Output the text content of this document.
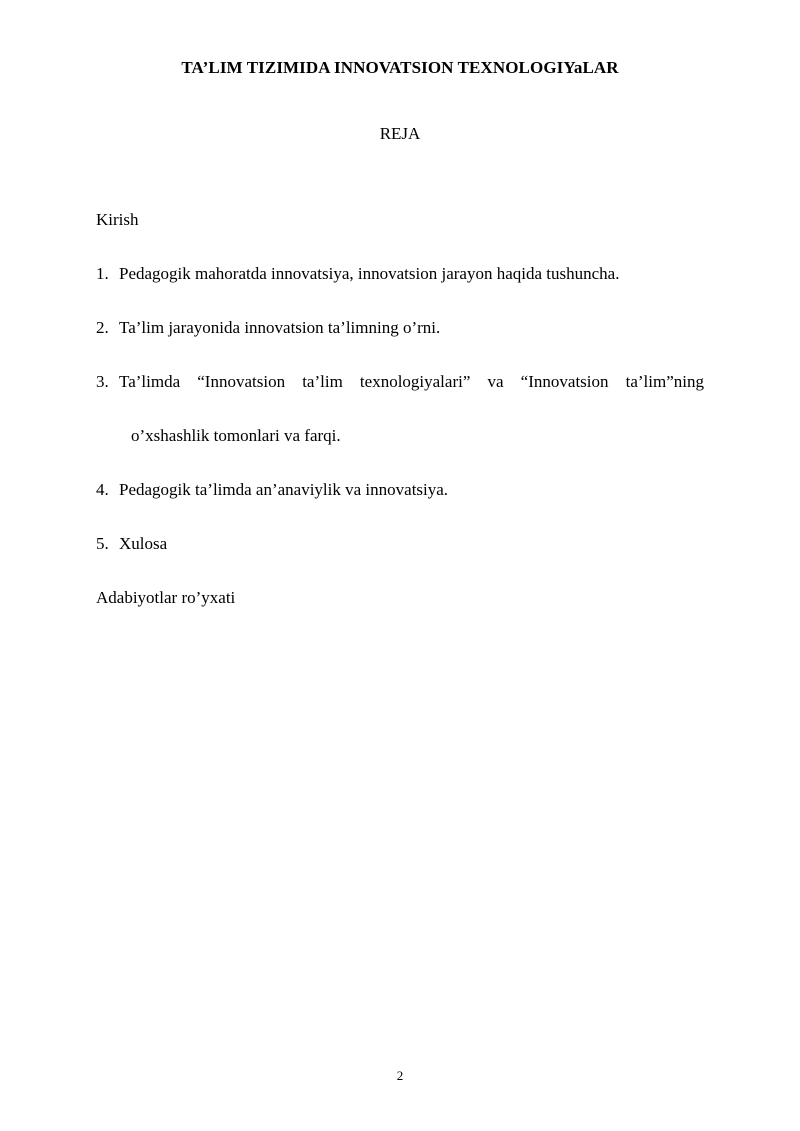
TA’LIM TIZIMIDA INNOVATSION TEXNOLOGIYaLAR
REJA
Kirish
1. Pedagogik mahoratda innovatsiya, innovatsion jarayon haqida tushuncha.
2. Ta’lim jarayonida innovatsion ta’limning o’rni.
3. Ta’limda “Innovatsion ta’lim texnologiyalari” va “Innovatsion ta’lim”ning
o’xshashlik tomonlari va farqi.
4. Pedagogik ta’limda an’anaviylik va innovatsiya.
5. Xulosa
Adabiyotlar ro’yxati
2
